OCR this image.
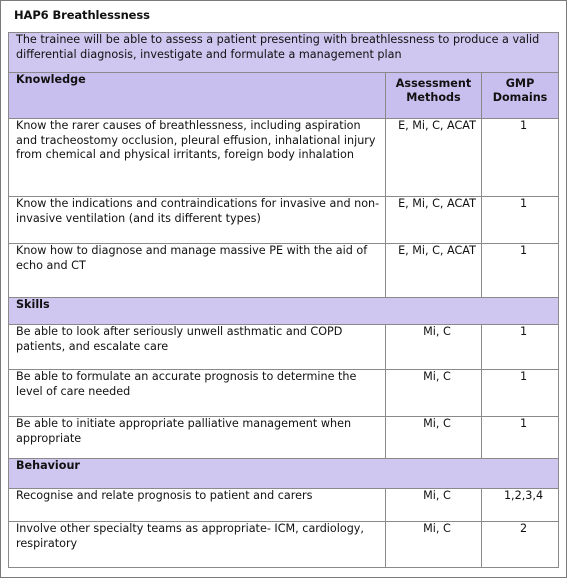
HAP6 Breathlessness
The trainee will be able to assess a patient presenting with breathlessness to produce a valid differential diagnosis, investigate and formulate a management plan		
Knowledge	Assessment Methods	GMP Domains
Know the rarer causes of breathlessness, including aspiration and tracheostomy occlusion, pleural effusion, inhalational injury from chemical and physical irritants, foreign body inhalation	E, Mi, C, ACAT	1
Know the indications and contraindications for invasive and non-invasive ventilation (and its different types)	E, Mi, C, ACAT	1
Know how to diagnose and manage massive PE with the aid of echo and CT	E, Mi, C, ACAT	1
Skills		
Be able to look after seriously unwell asthmatic and COPD patients, and escalate care	Mi, C	1
Be able to formulate an accurate prognosis to determine the level of care needed	Mi, C	1
Be able to initiate appropriate palliative management when appropriate	Mi, C	1
Behaviour		
Recognise and relate prognosis to patient and carers	Mi, C	1,2,3,4
Involve other specialty teams as appropriate- ICM, cardiology, respiratory	Mi, C	2
